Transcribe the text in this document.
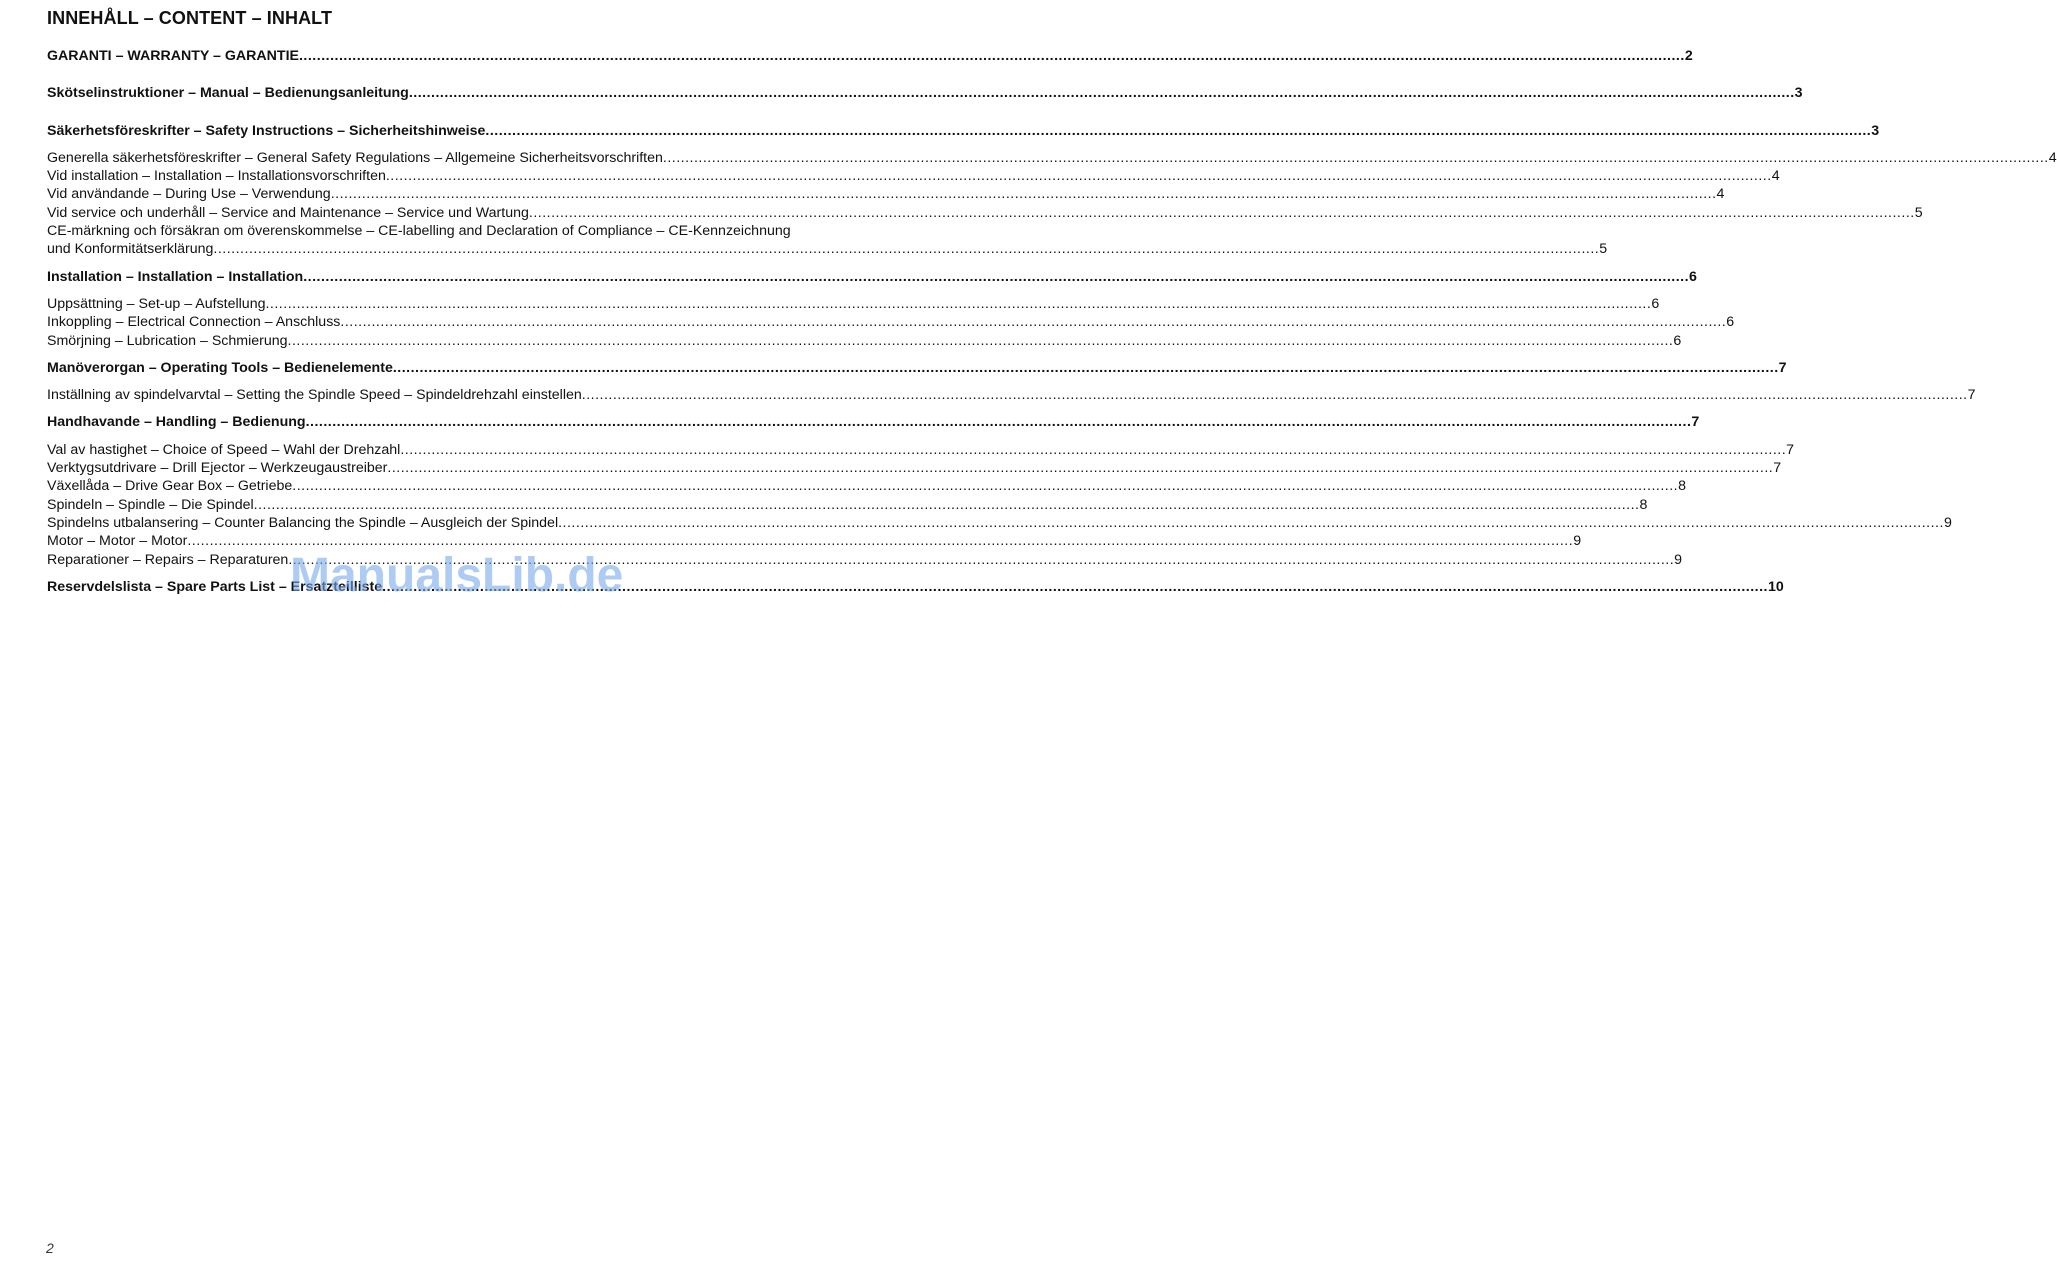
INNEHÅLL – CONTENT – INHALT
GARANTI – WARRANTY – GARANTIE .....	2
Skötselinstruktioner – Manual – Bedienungsanleitung .....	3
Säkerhetsföreskrifter – Safety Instructions – Sicherheitshinweise .....	3
Generella säkerhetsföreskrifter – General Safety Regulations – Allgemeine Sicherheitsvorschriften .....	4
Vid installation – Installation – Installationsvorschriften .....	4
Vid användande – During Use – Verwendung .....	4
Vid service och underhåll – Service and Maintenance – Service und Wartung .....	5
CE-märkning och försäkran om överenskommelse – CE-labelling and Declaration of Compliance – CE-Kennzeichnung
und Konformitätserklärung .....	5
Installation – Installation – Installation .....	6
Uppsättning – Set-up – Aufstellung .....	6
Inkoppling – Electrical Connection – Anschluss .....	6
Smörjning – Lubrication – Schmierung .....	6
Manöverorgan – Operating Tools – Bedienelemente .....	7
Inställning av spindelvarvtal – Setting the Spindle Speed – Spindeldrehzahl einstellen .....	7
Handhavande – Handling – Bedienung .....	7
Val av hastighet – Choice of Speed – Wahl der Drehzahl .....	7
Verktygsutdrivare – Drill Ejector – Werkzeugaustreiber .....	7
Växellåda – Drive Gear Box – Getriebe .....	8
Spindeln – Spindle – Die Spindel .....	8
Spindelns utbalansering – Counter Balancing the Spindle – Ausgleich der Spindel .....	9
Motor – Motor – Motor .....	9
Reparationer – Repairs – Reparaturen .....	9
Reservdelslista – Spare Parts List – Ersatzteilliste .....	10
ManualsLib.de
2
